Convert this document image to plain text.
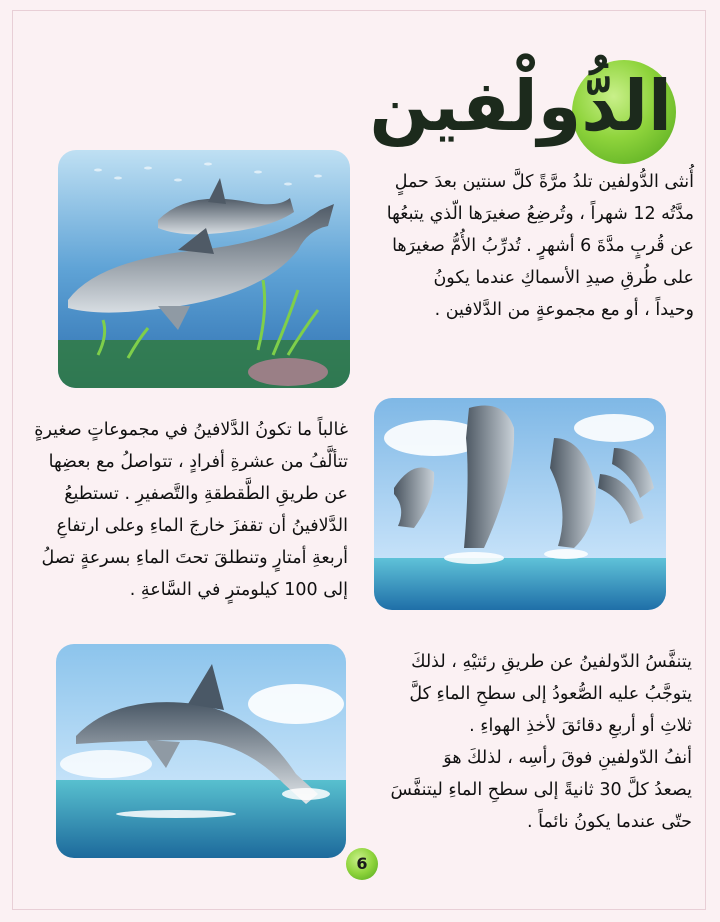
الدُّولْفين
أُنثى الدُّولفين تلدُ مرَّةً كلَّ سنتين بعدَ حملٍ
مدَّتُه 12 شهراً ، وتُرضِعُ صغيرَها الّذي يتبعُها
عن قُربٍ مدَّةَ 6 أشهرٍ . تُدرِّبُ الأُمُّ صغيرَها
على طُرقِ صيدِ الأسماكِ عندما يكونُ
وحيداً ، أو مع مجموعةٍ من الدَّلافين .
غالباً ما تكونُ الدَّلافينُ في مجموعاتٍ صغيرةٍ
تتألَّفُ من عشرةِ أفرادٍ ، تتواصلُ مع بعضِها
عن طريقِ الطَّقطقةِ والتَّصفيرِ . تستطيعُ
الدَّلافينُ أن تقفزَ خارجَ الماءِ وعلى ارتفاعِ
أربعةِ أمتارٍ وتنطلقَ تحتَ الماءِ بسرعةٍ تصلُ
إلى 100 كيلومترٍ في السَّاعةِ .
يتنفَّسُ الدّولفينُ عن طريقِ رئتيْهِ ، لذلكَ
يتوجَّبُ عليه الصُّعودُ إلى سطحِ الماءِ كلَّ
ثلاثِ أو أربعِ دقائقَ لأخذِ الهواءِ .
أنفُ الدّولفينِ فوقَ رأسِه ، لذلكَ هوَ
يصعدُ كلَّ 30 ثانيةً إلى سطحِ الماءِ ليتنفَّسَ
حتّى عندما يكونُ نائماً .
6
